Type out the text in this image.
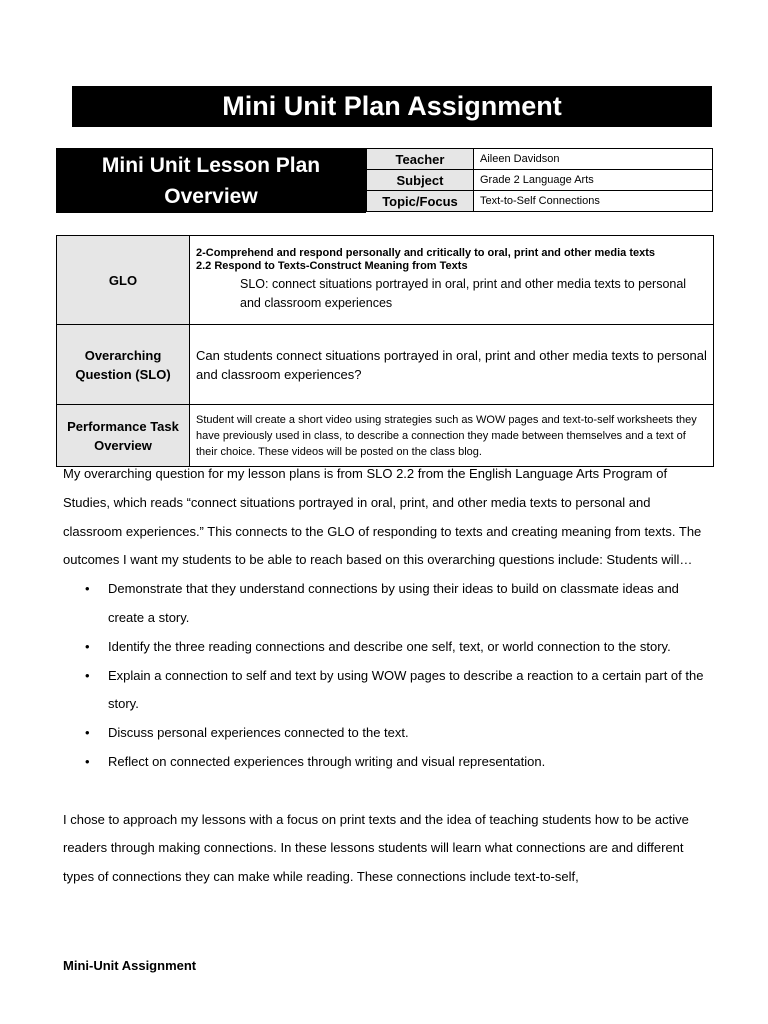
Mini Unit Plan Assignment
Mini Unit Lesson Plan
Overview
Teacher	Aileen Davidson
Subject	Grade 2 Language Arts
Topic/Focus	Text-to-Self Connections
GLO	2-Comprehend and respond personally and critically to oral, print and other media texts
2.2 Respond to Texts-Construct Meaning from Texts
SLO: connect situations portrayed in oral, print and other media texts to personal and classroom experiences

Overarching Question (SLO)	Can students connect situations portrayed in oral, print and other media texts to personal and classroom experiences?
Performance Task Overview	Student will create a short video using strategies such as WOW pages and text-to-self worksheets they have previously used in class, to describe a connection they made between themselves and a text of their choice. These videos will be posted on the class blog.

My overarching question for my lesson plans is from SLO 2.2 from the English Language Arts Program of Studies, which reads “connect situations portrayed in oral, print, and other media texts to personal and classroom experiences.” This connects to the GLO of responding to texts and creating meaning from texts. The outcomes I want my students to be able to reach based on this overarching questions include: Students will…

• Demonstrate that they understand connections by using their ideas to build on classmate ideas and create a story.
• Identify the three reading connections and describe one self, text, or world connection to the story.
• Explain a connection to self and text by using WOW pages to describe a reaction to a certain part of the story.
• Discuss personal experiences connected to the text.
• Reflect on connected experiences through writing and visual representation.

I chose to approach my lessons with a focus on print texts and the idea of teaching students how to be active readers through making connections. In these lessons students will learn what connections are and different types of connections they can make while reading. These connections include text-to-self,

Mini-Unit Assignment
